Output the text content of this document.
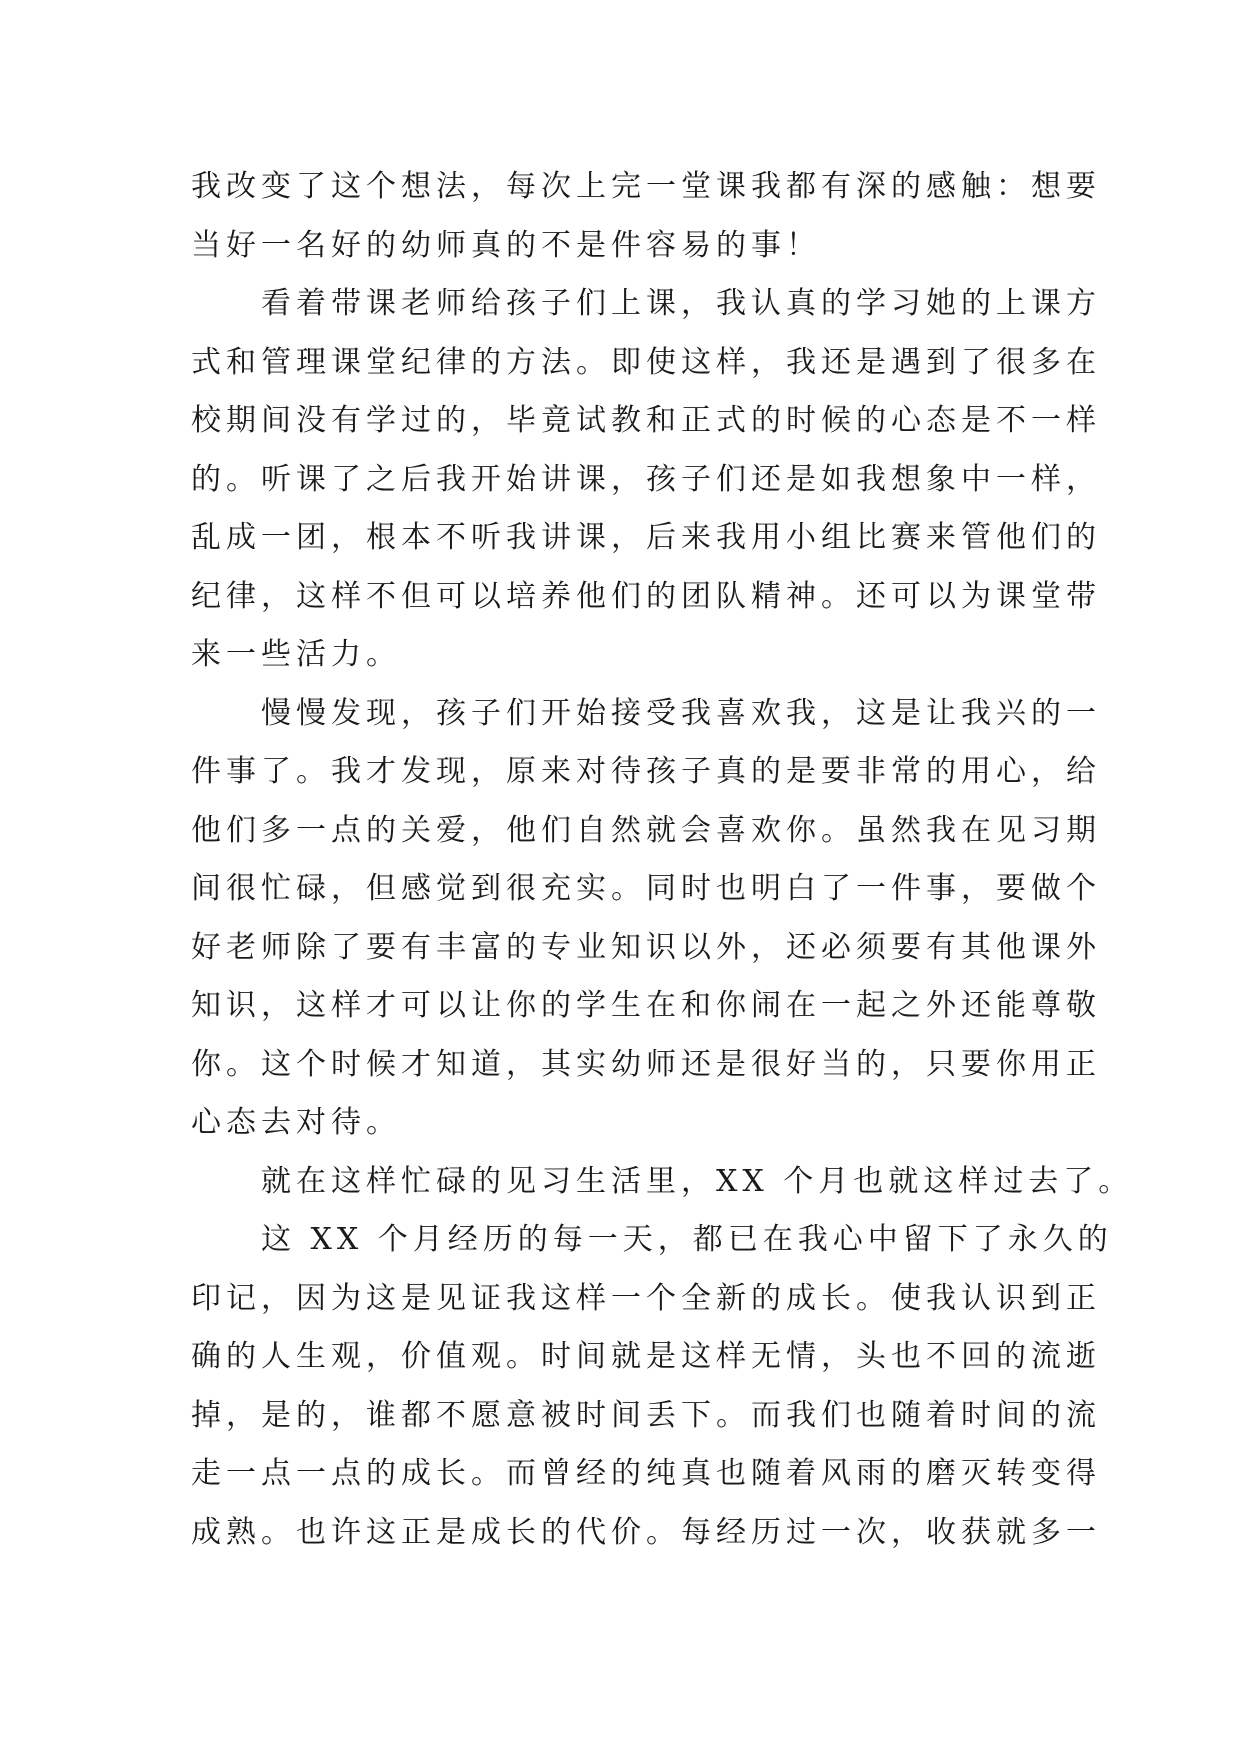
我改变了这个想法，每次上完一堂课我都有深的感触：想要
当好一名好的幼师真的不是件容易的事！
看着带课老师给孩子们上课，我认真的学习她的上课方
式和管理课堂纪律的方法。即使这样，我还是遇到了很多在
校期间没有学过的，毕竟试教和正式的时候的心态是不一样
的。听课了之后我开始讲课，孩子们还是如我想象中一样，
乱成一团，根本不听我讲课，后来我用小组比赛来管他们的
纪律，这样不但可以培养他们的团队精神。还可以为课堂带
来一些活力。
慢慢发现，孩子们开始接受我喜欢我，这是让我兴的一
件事了。我才发现，原来对待孩子真的是要非常的用心，给
他们多一点的关爱，他们自然就会喜欢你。虽然我在见习期
间很忙碌，但感觉到很充实。同时也明白了一件事，要做个
好老师除了要有丰富的专业知识以外，还必须要有其他课外
知识，这样才可以让你的学生在和你闹在一起之外还能尊敬
你。这个时候才知道，其实幼师还是很好当的，只要你用正
心态去对待。
就在这样忙碌的见习生活里，XX 个月也就这样过去了。
这 XX 个月经历的每一天，都已在我心中留下了永久的
印记，因为这是见证我这样一个全新的成长。使我认识到正
确的人生观，价值观。时间就是这样无情，头也不回的流逝
掉，是的，谁都不愿意被时间丢下。而我们也随着时间的流
走一点一点的成长。而曾经的纯真也随着风雨的磨灭转变得
成熟。也许这正是成长的代价。每经历过一次，收获就多一
